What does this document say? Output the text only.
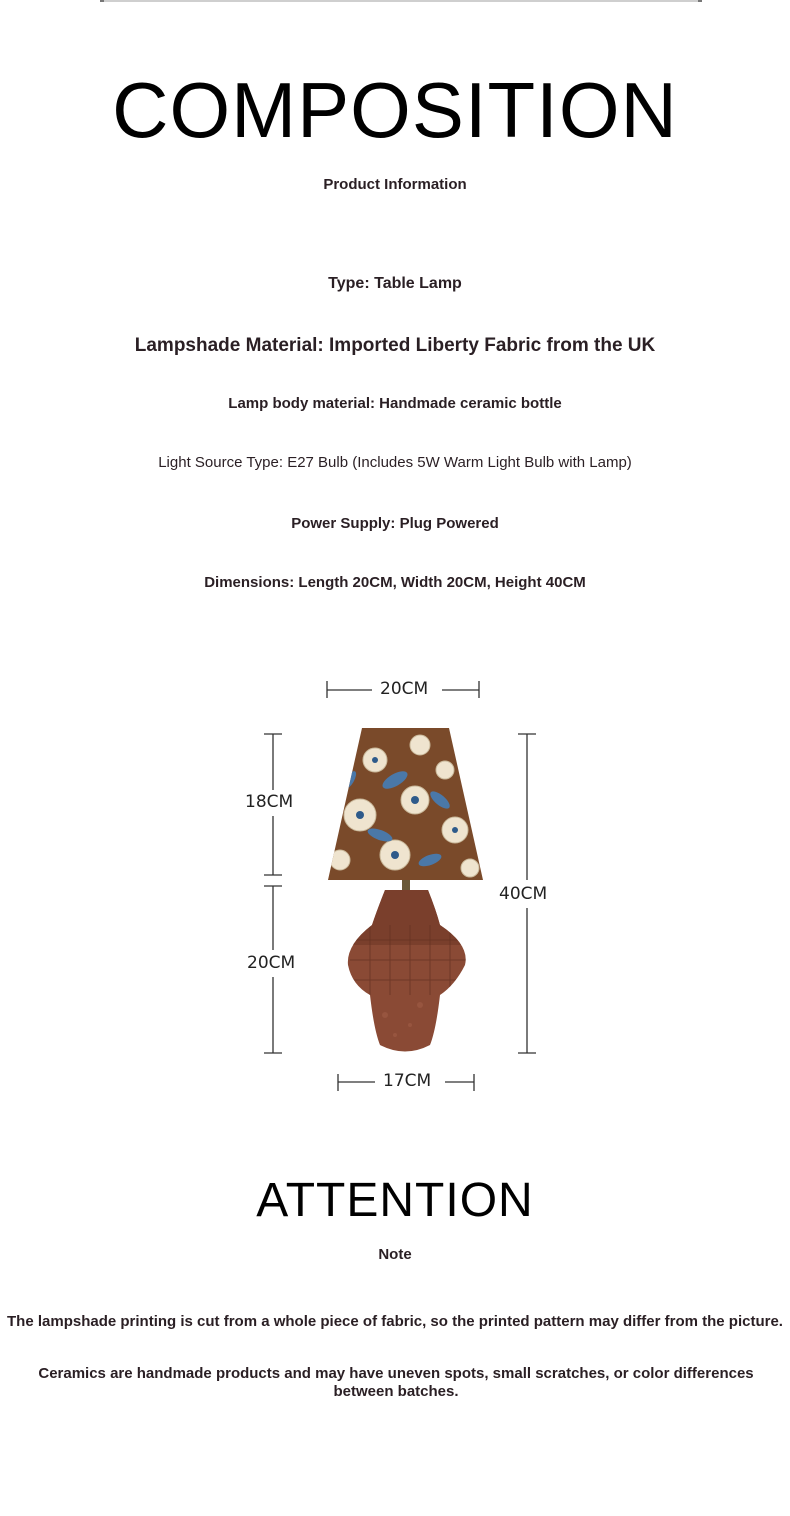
COMPOSITION
Product Information
Type: Table Lamp
Lampshade Material: Imported Liberty Fabric from the UK
Lamp body material: Handmade ceramic bottle
Light Source Type: E27 Bulb (Includes 5W Warm Light Bulb with Lamp)
Power Supply: Plug Powered
Dimensions: Length 20CM, Width 20CM, Height 40CM
20CM
18CM
20CM
40CM
17CM
ATTENTION
Note
The lampshade printing is cut from a whole piece of fabric, so the printed pattern may differ from the picture.
Ceramics are handmade products and may have uneven spots, small scratches, or color differences between batches.
